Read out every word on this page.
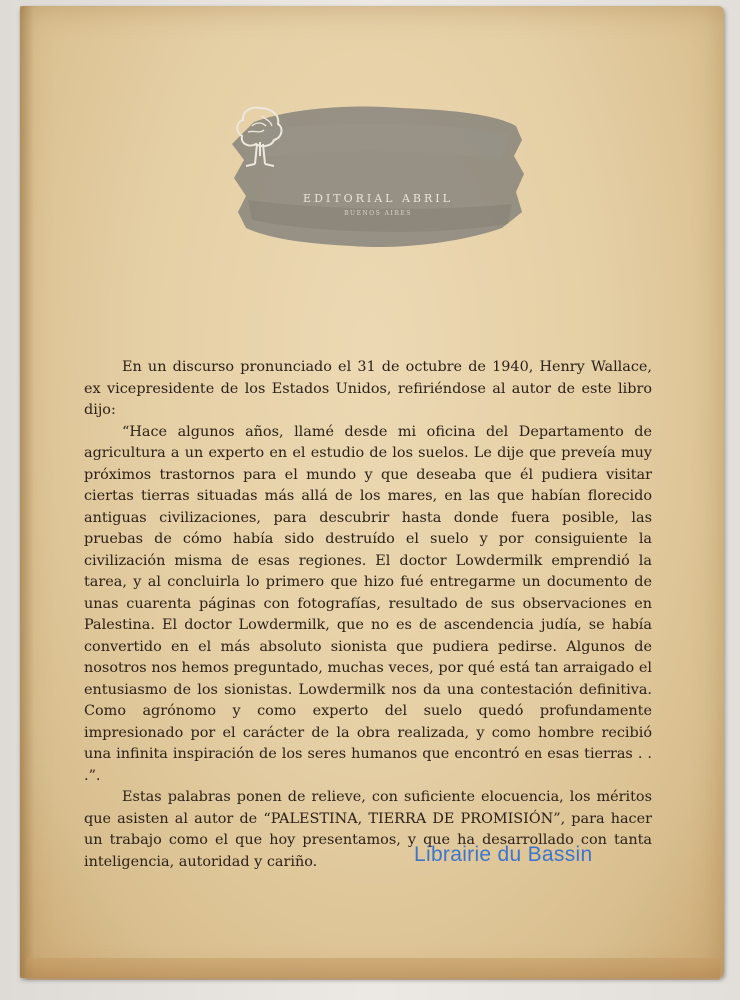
EDITORIAL ABRIL
BUENOS AIRES

En un discurso pronunciado el 31 de octubre de 1940, Henry Wallace, ex vicepresidente de los Estados Unidos, refiriéndose al autor de este libro dijo:

“Hace algunos años, llamé desde mi oficina del Departamento de agricultura a un experto en el estudio de los suelos. Le dije que preveía muy próximos trastornos para el mundo y que deseaba que él pudiera visitar ciertas tierras situadas más allá de los mares, en las que habían florecido antiguas civilizaciones, para descubrir hasta donde fuera posible, las pruebas de cómo había sido destruído el suelo y por consiguiente la civilización misma de esas regiones. El doctor Lowdermilk emprendió la tarea, y al concluirla lo primero que hizo fué entregarme un documento de unas cuarenta páginas con fotografías, resultado de sus observaciones en Palestina. El doctor Lowdermilk, que no es de ascendencia judía, se había convertido en el más absoluto sionista que pudiera pedirse. Algunos de nosotros nos hemos preguntado, muchas veces, por qué está tan arraigado el entusiasmo de los sionistas. Lowdermilk nos da una contestación definitiva. Como agrónomo y como experto del suelo quedó profundamente impresionado por el carácter de la obra realizada, y como hombre recibió una infinita inspiración de los seres humanos que encontró en esas tierras . . .”.

Estas palabras ponen de relieve, con suficiente elocuencia, los méritos que asisten al autor de “PALESTINA, TIERRA DE PROMISIÓN”, para hacer un trabajo como el que hoy presentamos, y que ha desarrollado con tanta inteligencia, autoridad y cariño.	Librairie du Bassin
